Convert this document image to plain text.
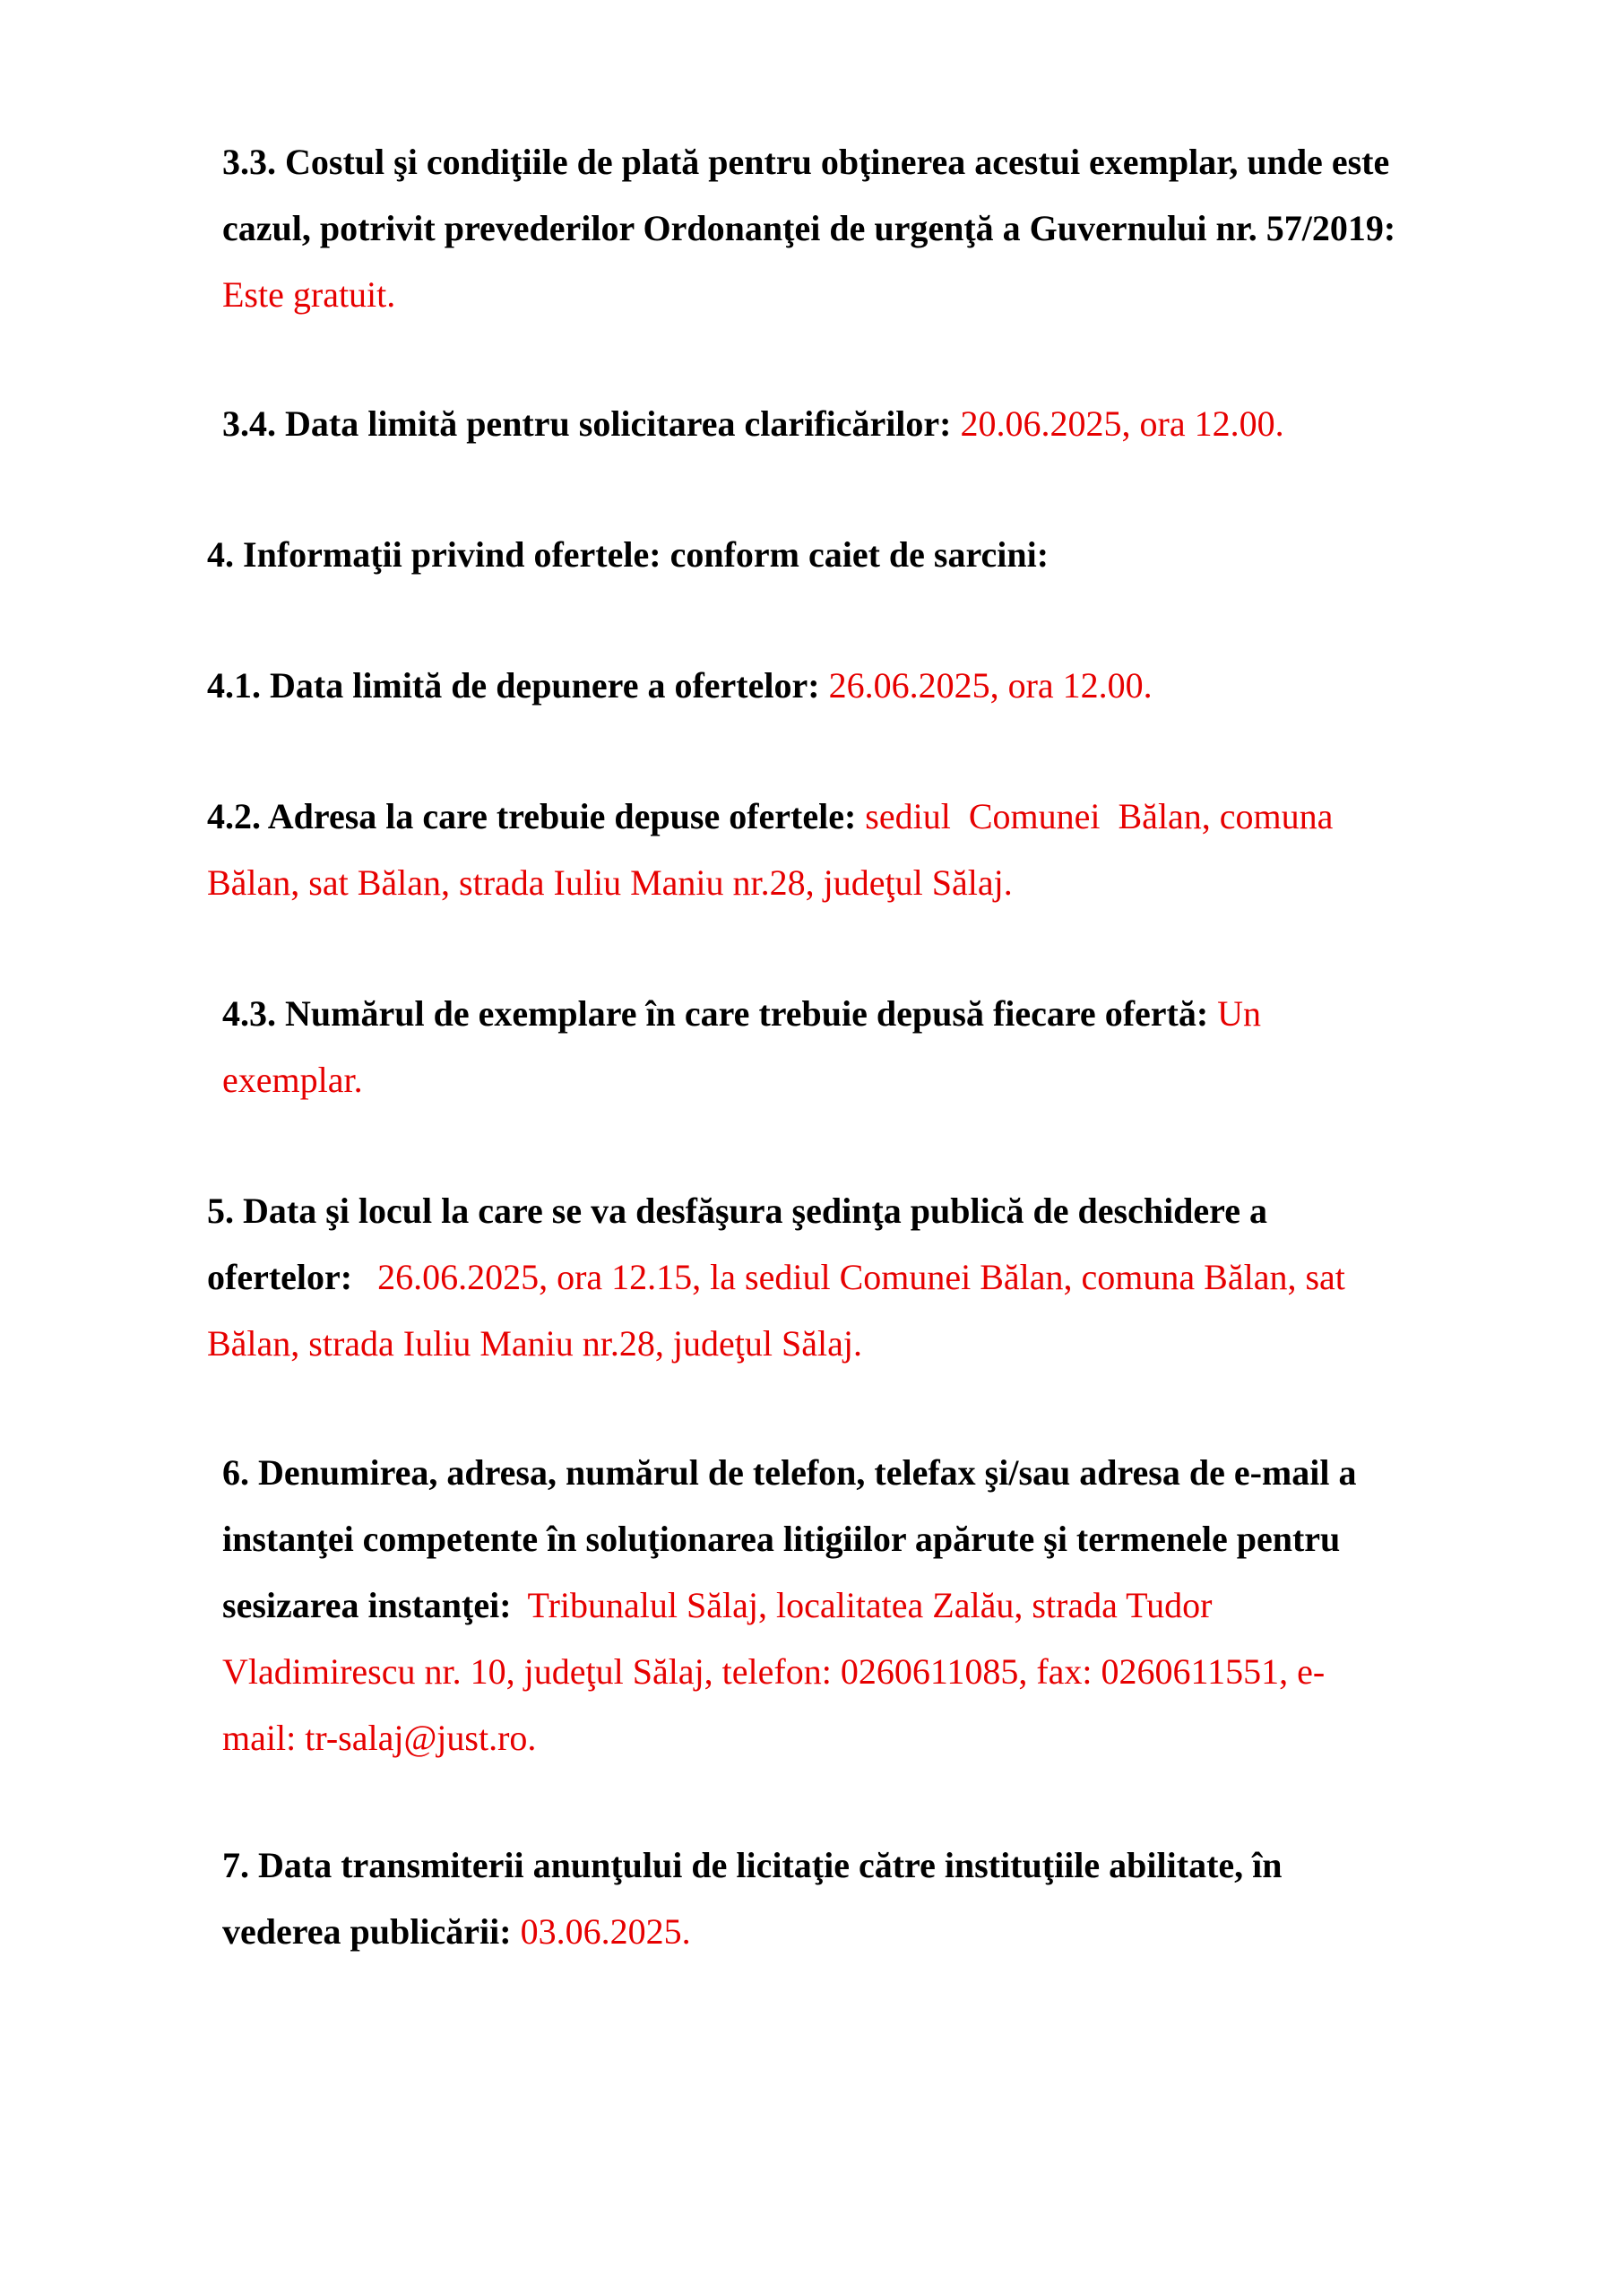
3.3. Costul şi condiţiile de plată pentru obţinerea acestui exemplar, unde este
cazul, potrivit prevederilor Ordonanţei de urgenţă a Guvernului nr. 57/2019:
Este gratuit.
3.4. Data limită pentru solicitarea clarificărilor: 20.06.2025, ora 12.00.
4. Informaţii privind ofertele: conform caiet de sarcini:
4.1. Data limită de depunere a ofertelor: 26.06.2025, ora 12.00.
4.2. Adresa la care trebuie depuse ofertele: sediul  Comunei  Bălan, comuna
Bălan, sat Bălan, strada Iuliu Maniu nr.28, judeţul Sălaj.
4.3. Numărul de exemplare în care trebuie depusă fiecare ofertă: Un
exemplar.
5. Data şi locul la care se va desfăşura şedinţa publică de deschidere a
ofertelor: 26.06.2025, ora 12.15, la sediul Comunei Bălan, comuna Bălan, sat
Bălan, strada Iuliu Maniu nr.28, judeţul Sălaj.
6. Denumirea, adresa, numărul de telefon, telefax şi/sau adresa de e-mail a
instanţei competente în soluţionarea litigiilor apărute şi termenele pentru
sesizarea instanţei: Tribunalul Sălaj, localitatea Zalău, strada Tudor
Vladimirescu nr. 10, judeţul Sălaj, telefon: 0260611085, fax: 0260611551, e-
mail: tr-salaj@just.ro.
7. Data transmiterii anunţului de licitaţie către instituţiile abilitate, în
vederea publicării: 03.06.2025.
